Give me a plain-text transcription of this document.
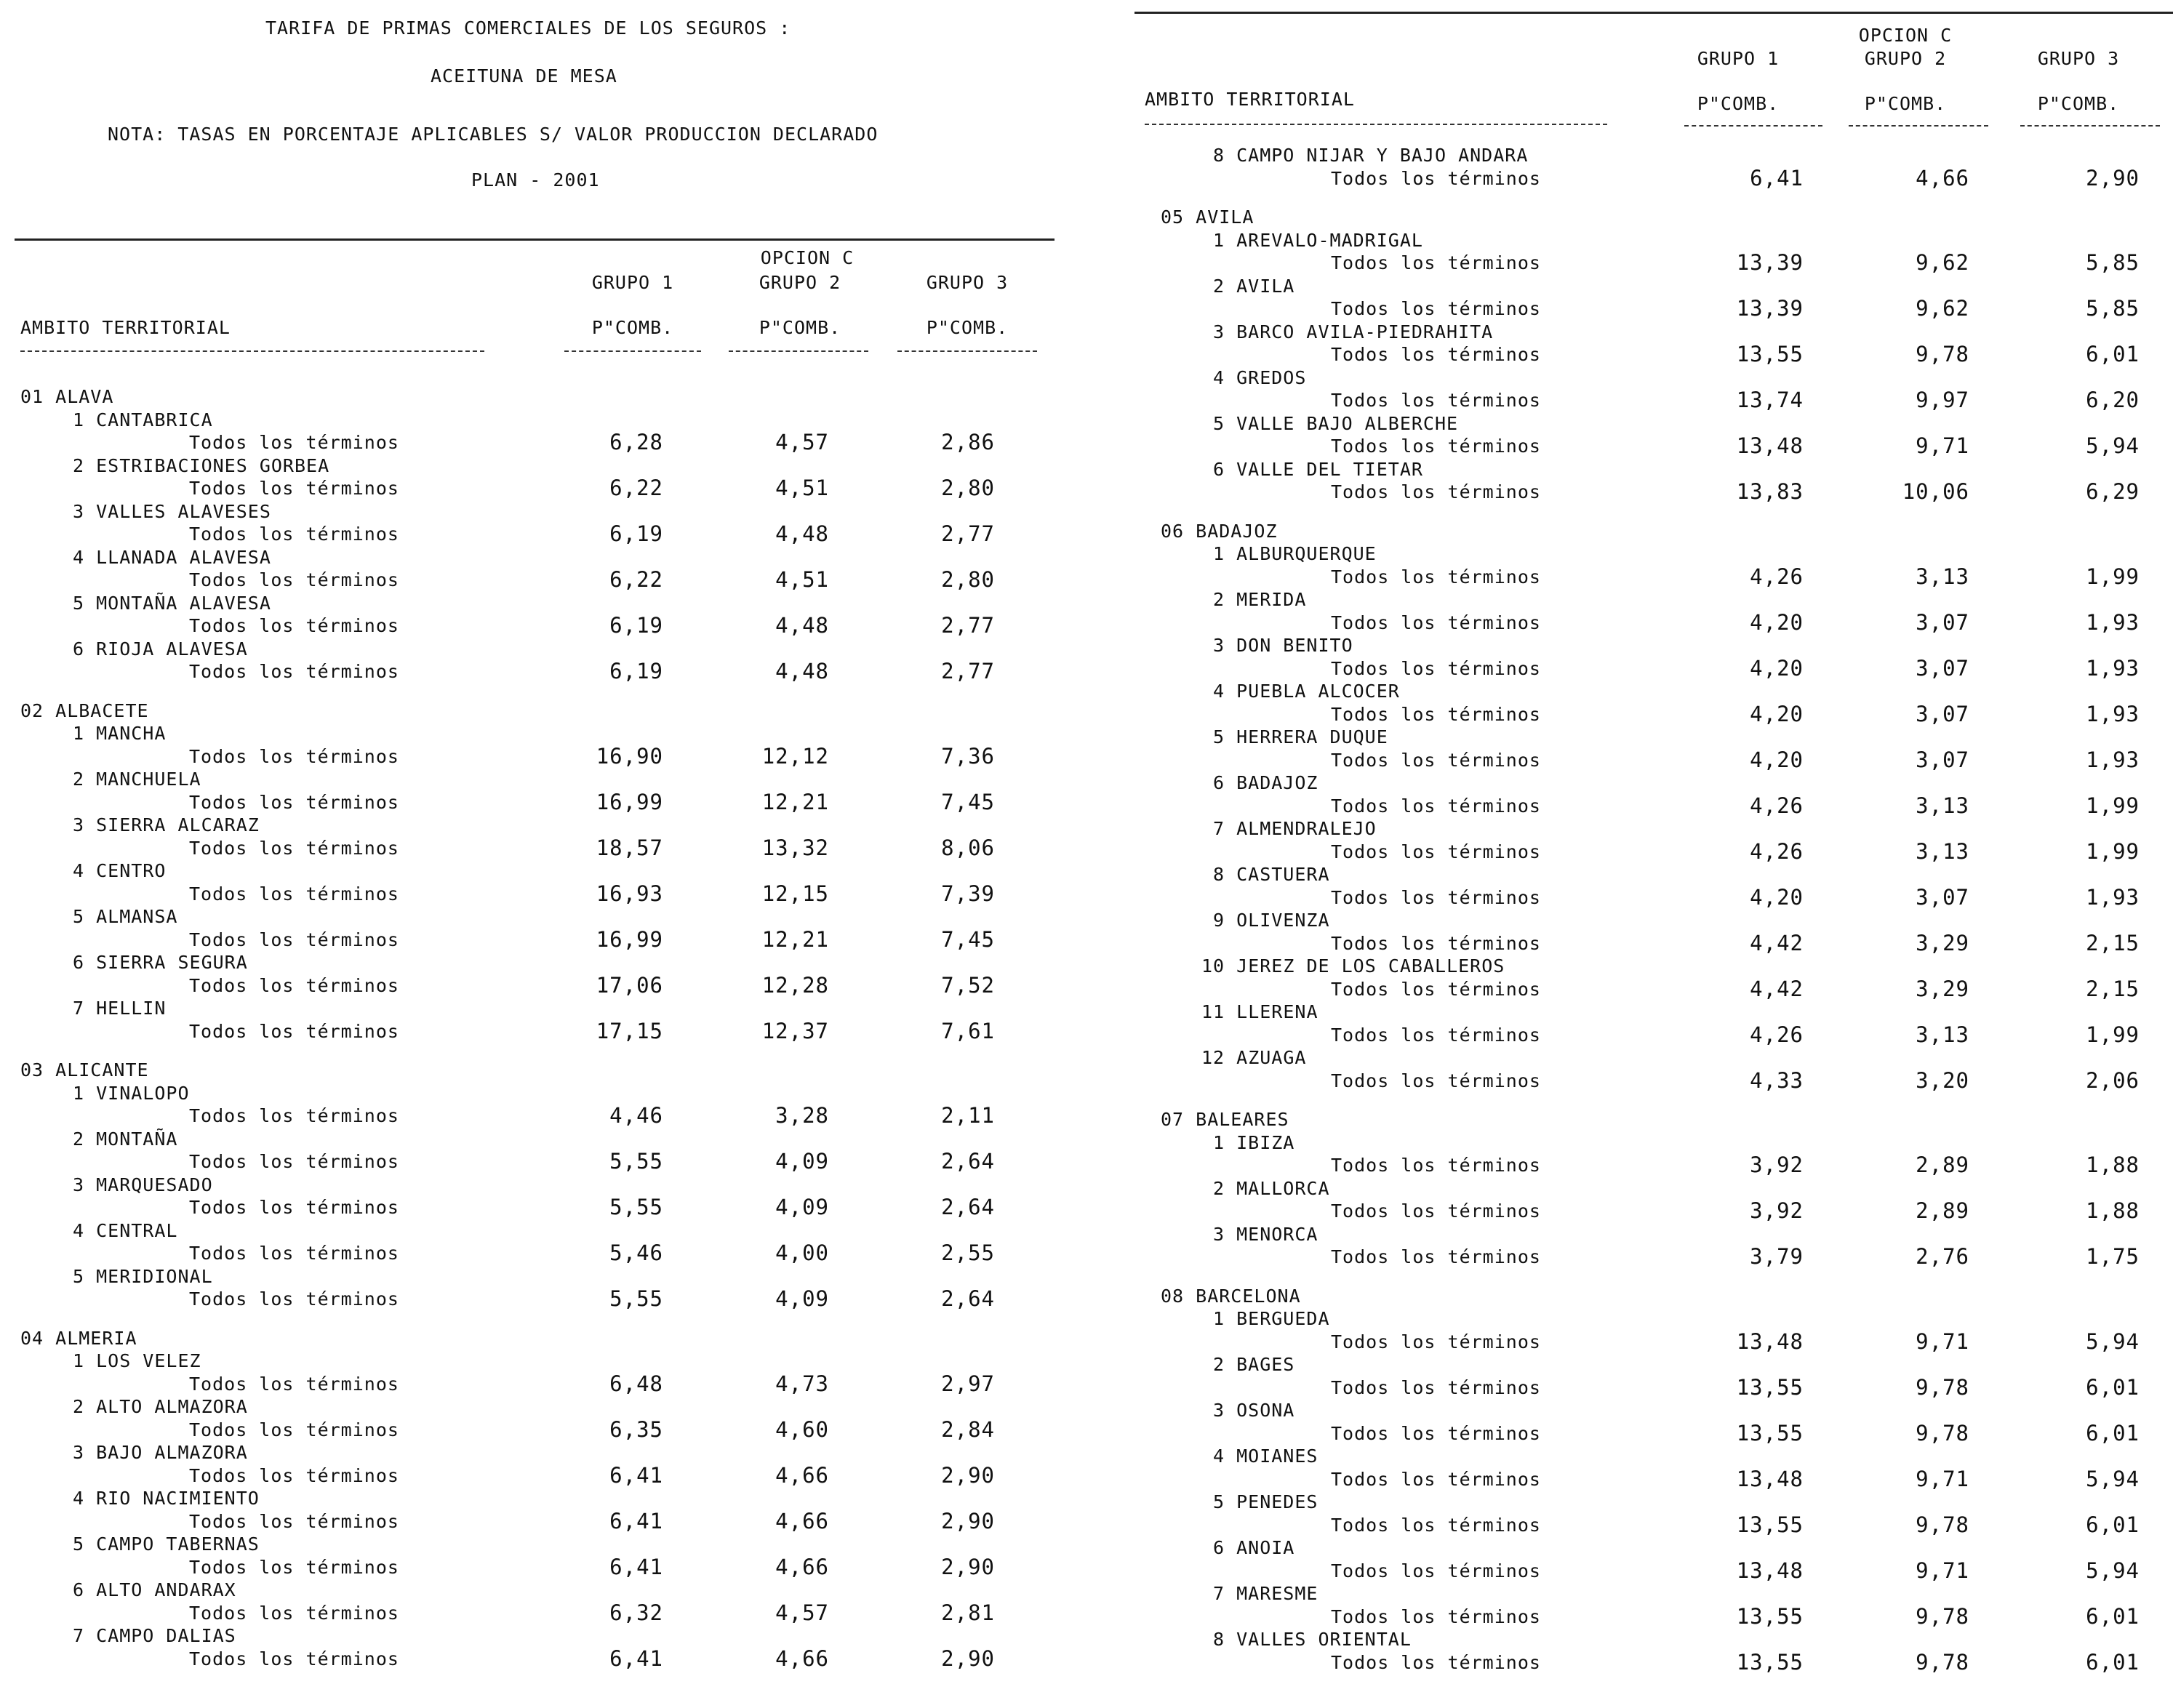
TARIFA DE PRIMAS COMERCIALES DE LOS SEGUROS :
ACEITUNA DE MESA
NOTA: TASAS EN PORCENTAJE APLICABLES S/ VALOR PRODUCCION DECLARADO
PLAN - 2001
OPCION C
GRUPO 1	GRUPO 2	GRUPO 3
AMBITO TERRITORIAL	P"COMB.	P"COMB.	P"COMB.
01 ALAVA
1 CANTABRICA
Todos los términos	6,28	4,57	2,86
2 ESTRIBACIONES GORBEA
Todos los términos	6,22	4,51	2,80
3 VALLES ALAVESES
Todos los términos	6,19	4,48	2,77
4 LLANADA ALAVESA
Todos los términos	6,22	4,51	2,80
5 MONTAÑA ALAVESA
Todos los términos	6,19	4,48	2,77
6 RIOJA ALAVESA
Todos los términos	6,19	4,48	2,77
02 ALBACETE
1 MANCHA
Todos los términos	16,90	12,12	7,36
2 MANCHUELA
Todos los términos	16,99	12,21	7,45
3 SIERRA ALCARAZ
Todos los términos	18,57	13,32	8,06
4 CENTRO
Todos los términos	16,93	12,15	7,39
5 ALMANSA
Todos los términos	16,99	12,21	7,45
6 SIERRA SEGURA
Todos los términos	17,06	12,28	7,52
7 HELLIN
Todos los términos	17,15	12,37	7,61
03 ALICANTE
1 VINALOPO
Todos los términos	4,46	3,28	2,11
2 MONTAÑA
Todos los términos	5,55	4,09	2,64
3 MARQUESADO
Todos los términos	5,55	4,09	2,64
4 CENTRAL
Todos los términos	5,46	4,00	2,55
5 MERIDIONAL
Todos los términos	5,55	4,09	2,64
04 ALMERIA
1 LOS VELEZ
Todos los términos	6,48	4,73	2,97
2 ALTO ALMAZORA
Todos los términos	6,35	4,60	2,84
3 BAJO ALMAZORA
Todos los términos	6,41	4,66	2,90
4 RIO NACIMIENTO
Todos los términos	6,41	4,66	2,90
5 CAMPO TABERNAS
Todos los términos	6,41	4,66	2,90
6 ALTO ANDARAX
Todos los términos	6,32	4,57	2,81
7 CAMPO DALIAS
Todos los términos	6,41	4,66	2,90
OPCION C
GRUPO 1	GRUPO 2	GRUPO 3
AMBITO TERRITORIAL	P"COMB.	P"COMB.	P"COMB.
8 CAMPO NIJAR Y BAJO ANDARA
Todos los términos	6,41	4,66	2,90
05 AVILA
1 AREVALO-MADRIGAL
Todos los términos	13,39	9,62	5,85
2 AVILA
Todos los términos	13,39	9,62	5,85
3 BARCO AVILA-PIEDRAHITA
Todos los términos	13,55	9,78	6,01
4 GREDOS
Todos los términos	13,74	9,97	6,20
5 VALLE BAJO ALBERCHE
Todos los términos	13,48	9,71	5,94
6 VALLE DEL TIETAR
Todos los términos	13,83	10,06	6,29
06 BADAJOZ
1 ALBURQUERQUE
Todos los términos	4,26	3,13	1,99
2 MERIDA
Todos los términos	4,20	3,07	1,93
3 DON BENITO
Todos los términos	4,20	3,07	1,93
4 PUEBLA ALCOCER
Todos los términos	4,20	3,07	1,93
5 HERRERA DUQUE
Todos los términos	4,20	3,07	1,93
6 BADAJOZ
Todos los términos	4,26	3,13	1,99
7 ALMENDRALEJO
Todos los términos	4,26	3,13	1,99
8 CASTUERA
Todos los términos	4,20	3,07	1,93
9 OLIVENZA
Todos los términos	4,42	3,29	2,15
10 JEREZ DE LOS CABALLEROS
Todos los términos	4,42	3,29	2,15
11 LLERENA
Todos los términos	4,26	3,13	1,99
12 AZUAGA
Todos los términos	4,33	3,20	2,06
07 BALEARES
1 IBIZA
Todos los términos	3,92	2,89	1,88
2 MALLORCA
Todos los términos	3,92	2,89	1,88
3 MENORCA
Todos los términos	3,79	2,76	1,75
08 BARCELONA
1 BERGUEDA
Todos los términos	13,48	9,71	5,94
2 BAGES
Todos los términos	13,55	9,78	6,01
3 OSONA
Todos los términos	13,55	9,78	6,01
4 MOIANES
Todos los términos	13,48	9,71	5,94
5 PENEDES
Todos los términos	13,55	9,78	6,01
6 ANOIA
Todos los términos	13,48	9,71	5,94
7 MARESME
Todos los términos	13,55	9,78	6,01
8 VALLES ORIENTAL
Todos los términos	13,55	9,78	6,01
